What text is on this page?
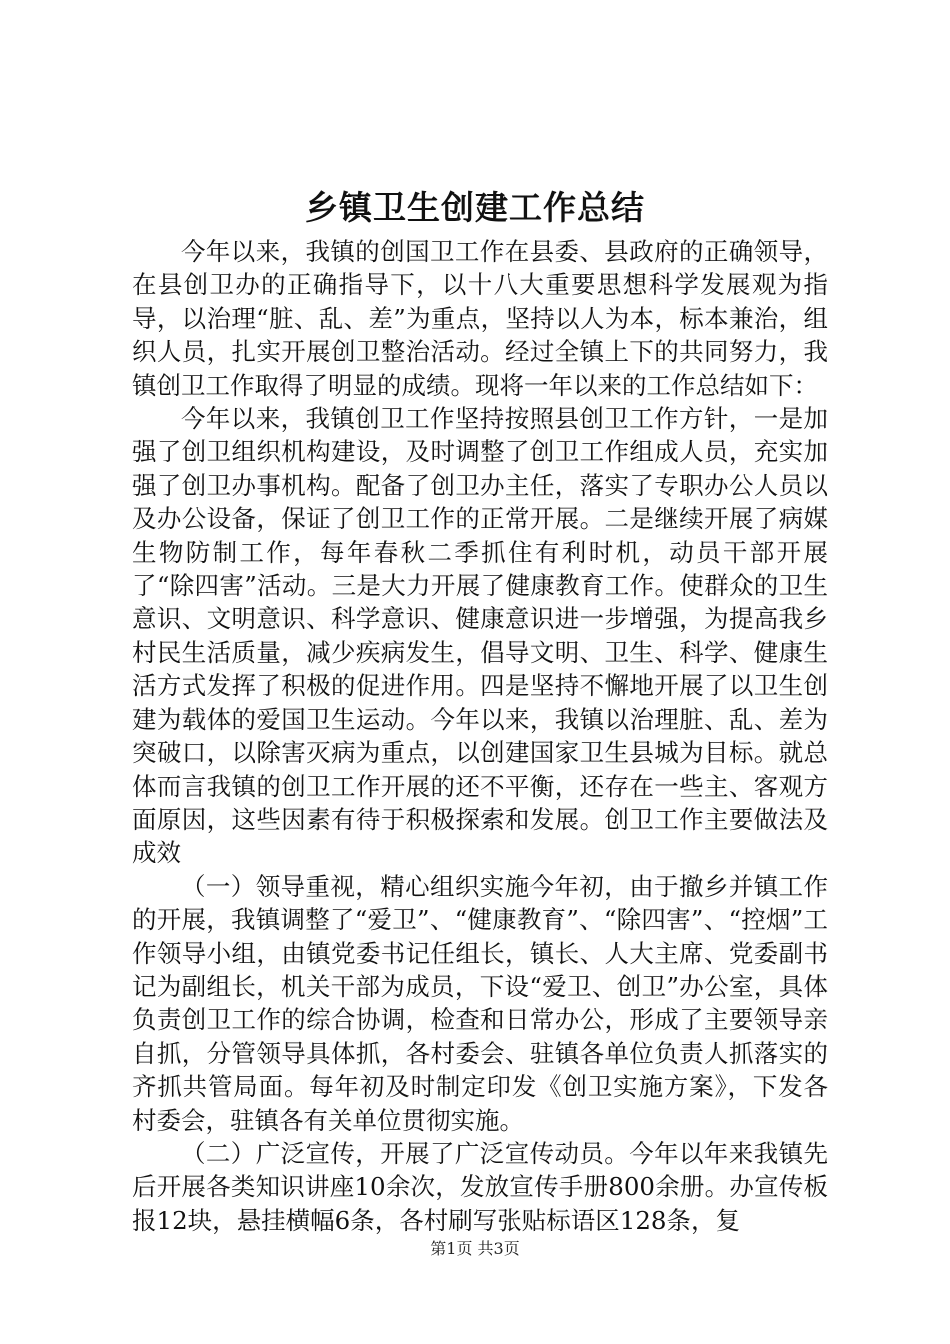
乡镇卫生创建工作总结

今年以来，我镇的创国卫工作在县委、县政府的正确领导，在县创卫办的正确指导下，以十八大重要思想科学发展观为指导，以治理“脏、乱、差”为重点，坚持以人为本，标本兼治，组织人员，扎实开展创卫整治活动。经过全镇上下的共同努力，我镇创卫工作取得了明显的成绩。现将一年以来的工作总结如下：

今年以来，我镇创卫工作坚持按照县创卫工作方针，一是加强了创卫组织机构建设，及时调整了创卫工作组成人员，充实加强了创卫办事机构。配备了创卫办主任，落实了专职办公人员以及办公设备，保证了创卫工作的正常开展。二是继续开展了病媒生物防制工作，每年春秋二季抓住有利时机，动员干部开展了“除四害”活动。三是大力开展了健康教育工作。使群众的卫生意识、文明意识、科学意识、健康意识进一步增强，为提高我乡村民生活质量，减少疾病发生，倡导文明、卫生、科学、健康生活方式发挥了积极的促进作用。四是坚持不懈地开展了以卫生创建为载体的爱国卫生运动。今年以来，我镇以治理脏、乱、差为突破口，以除害灭病为重点，以创建国家卫生县城为目标。就总体而言我镇的创卫工作开展的还不平衡，还存在一些主、客观方面原因，这些因素有待于积极探索和发展。创卫工作主要做法及成效

（一）领导重视，精心组织实施今年初，由于撤乡并镇工作的开展，我镇调整了“爱卫”、“健康教育”、“除四害”、“控烟”工作领导小组，由镇党委书记任组长，镇长、人大主席、党委副书记为副组长，机关干部为成员，下设“爱卫、创卫”办公室，具体负责创卫工作的综合协调，检查和日常办公，形成了主要领导亲自抓，分管领导具体抓，各村委会、驻镇各单位负责人抓落实的齐抓共管局面。每年初及时制定印发《创卫实施方案》，下发各村委会，驻镇各有关单位贯彻实施。

（二）广泛宣传，开展了广泛宣传动员。今年以年来我镇先后开展各类知识讲座10余次，发放宣传手册800余册。办宣传板报12块，悬挂横幅6条，各村刷写张贴标语区128条，复

第1页 共3页
